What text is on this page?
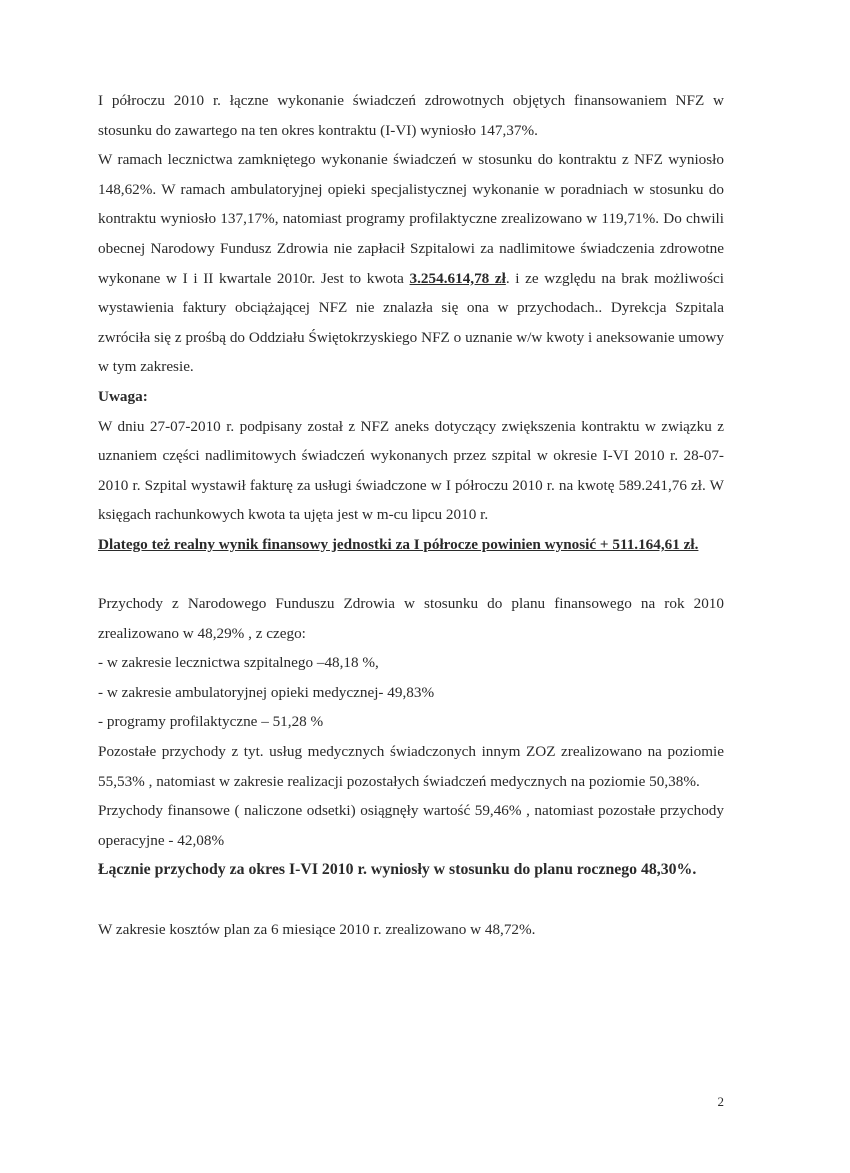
I półroczu 2010 r. łączne wykonanie świadczeń zdrowotnych objętych finansowaniem NFZ w stosunku do zawartego na ten okres kontraktu (I-VI) wyniosło 147,37%.

W ramach lecznictwa zamkniętego wykonanie świadczeń w stosunku do kontraktu z NFZ wyniosło 148,62%. W ramach ambulatoryjnej opieki specjalistycznej wykonanie w poradniach w stosunku do kontraktu wyniosło 137,17%, natomiast programy profilaktyczne zrealizowano w 119,71%. Do chwili obecnej Narodowy Fundusz Zdrowia nie zapłacił Szpitalowi za nadlimitowe świadczenia zdrowotne wykonane w I i II kwartale 2010r. Jest to kwota 3.254.614,78 zł. i ze względu na brak możliwości wystawienia faktury obciążającej NFZ nie znalazła się ona w przychodach.. Dyrekcja Szpitala zwróciła się z prośbą do Oddziału Świętokrzyskiego NFZ o uznanie w/w kwoty i aneksowanie umowy w tym zakresie.

Uwaga:

W dniu 27-07-2010 r. podpisany został z NFZ aneks dotyczący zwiększenia kontraktu w związku z uznaniem części nadlimitowych świadczeń wykonanych przez szpital w okresie I-VI 2010 r. 28-07- 2010 r. Szpital wystawił fakturę za usługi świadczone w I półroczu 2010 r. na kwotę 589.241,76 zł. W księgach rachunkowych kwota ta ujęta jest w m-cu lipcu 2010 r.

Dlatego też realny wynik finansowy jednostki za I półrocze powinien wynosić + 511.164,61 zł.

Przychody z Narodowego Funduszu Zdrowia w stosunku do planu finansowego na rok 2010 zrealizowano w 48,29% , z czego:

- w zakresie lecznictwa szpitalnego –48,18 %,

- w zakresie ambulatoryjnej opieki medycznej- 49,83%

- programy profilaktyczne – 51,28 %

Pozostałe przychody z tyt. usług medycznych świadczonych innym ZOZ zrealizowano na poziomie 55,53% , natomiast w zakresie realizacji pozostałych świadczeń medycznych na poziomie 50,38%.

Przychody finansowe ( naliczone odsetki) osiągnęły wartość 59,46% , natomiast pozostałe przychody operacyjne - 42,08%

Łącznie przychody za okres I-VI 2010 r. wyniosły w stosunku do planu rocznego 48,30%.

W zakresie kosztów plan za 6 miesiące 2010 r. zrealizowano w 48,72%.

2
